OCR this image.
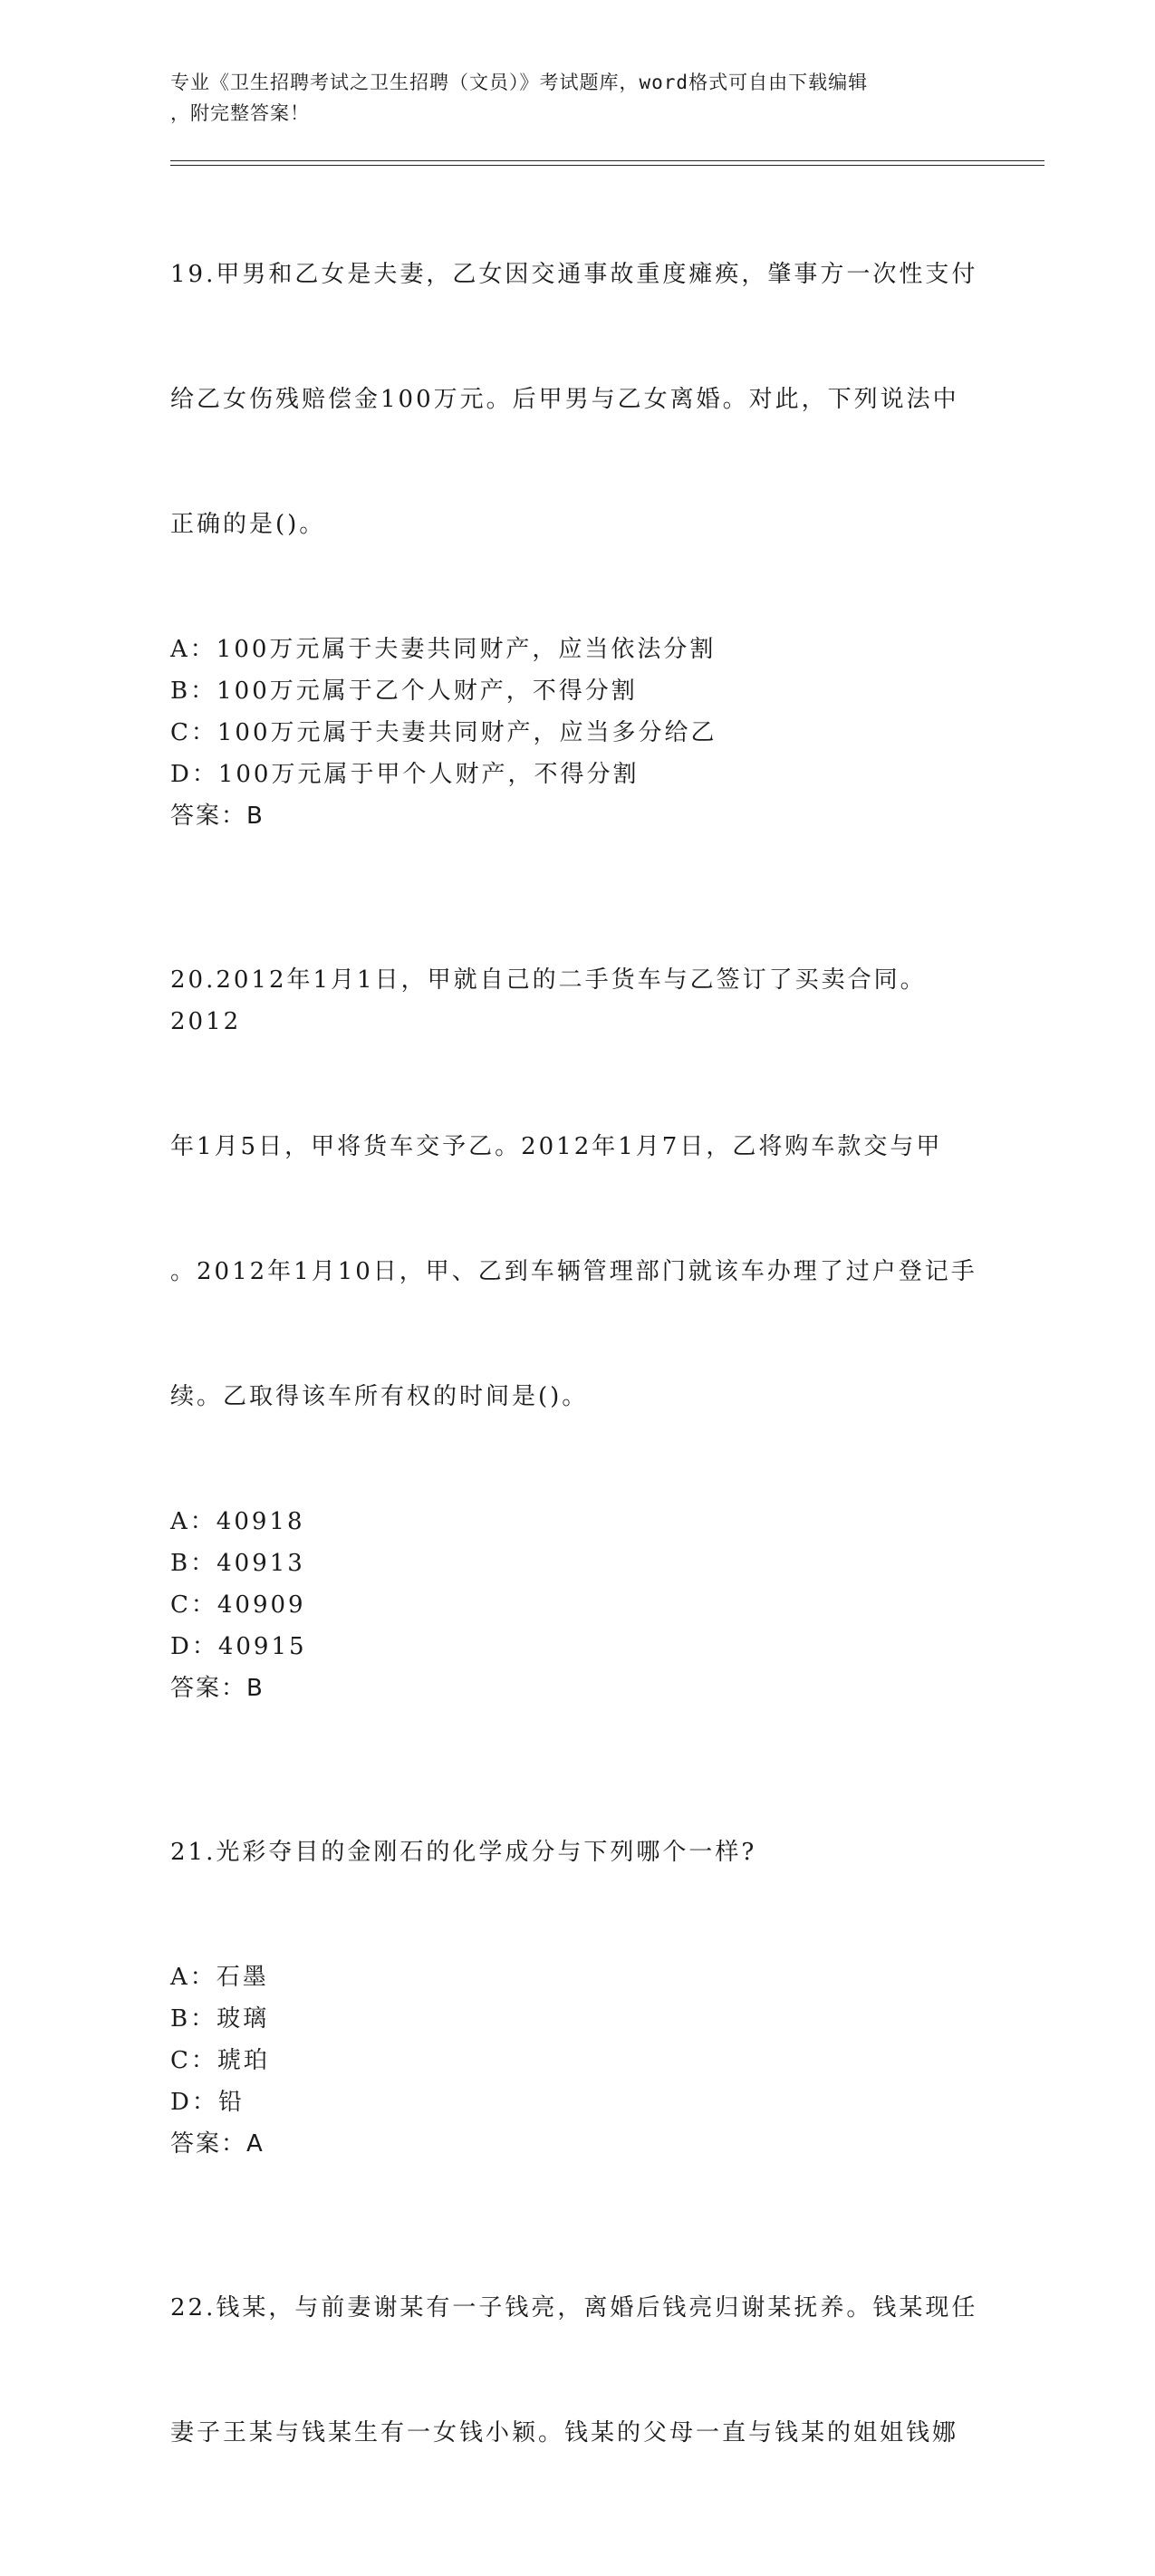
专业《卫生招聘考试之卫生招聘（文员）》考试题库，word格式可自由下载编辑
，附完整答案！

19.甲男和乙女是夫妻，乙女因交通事故重度瘫痪，肇事方一次性支付

给乙女伤残赔偿金100万元。后甲男与乙女离婚。对此，下列说法中

正确的是()。

A：100万元属于夫妻共同财产，应当依法分割
B：100万元属于乙个人财产，不得分割
C：100万元属于夫妻共同财产，应当多分给乙
D：100万元属于甲个人财产，不得分割
答案：B

20.2012年1月1日，甲就自己的二手货车与乙签订了买卖合同。2012

年1月5日，甲将货车交予乙。2012年1月7日，乙将购车款交与甲

。2012年1月10日，甲、乙到车辆管理部门就该车办理了过户登记手

续。乙取得该车所有权的时间是()。

A：40918
B：40913
C：40909
D：40915
答案：B

21.光彩夺目的金刚石的化学成分与下列哪个一样?

A：石墨
B：玻璃
C：琥珀
D：铅
答案：A

22.钱某，与前妻谢某有一子钱亮，离婚后钱亮归谢某抚养。钱某现任

妻子王某与钱某生有一女钱小颖。钱某的父母一直与钱某的姐姐钱娜
